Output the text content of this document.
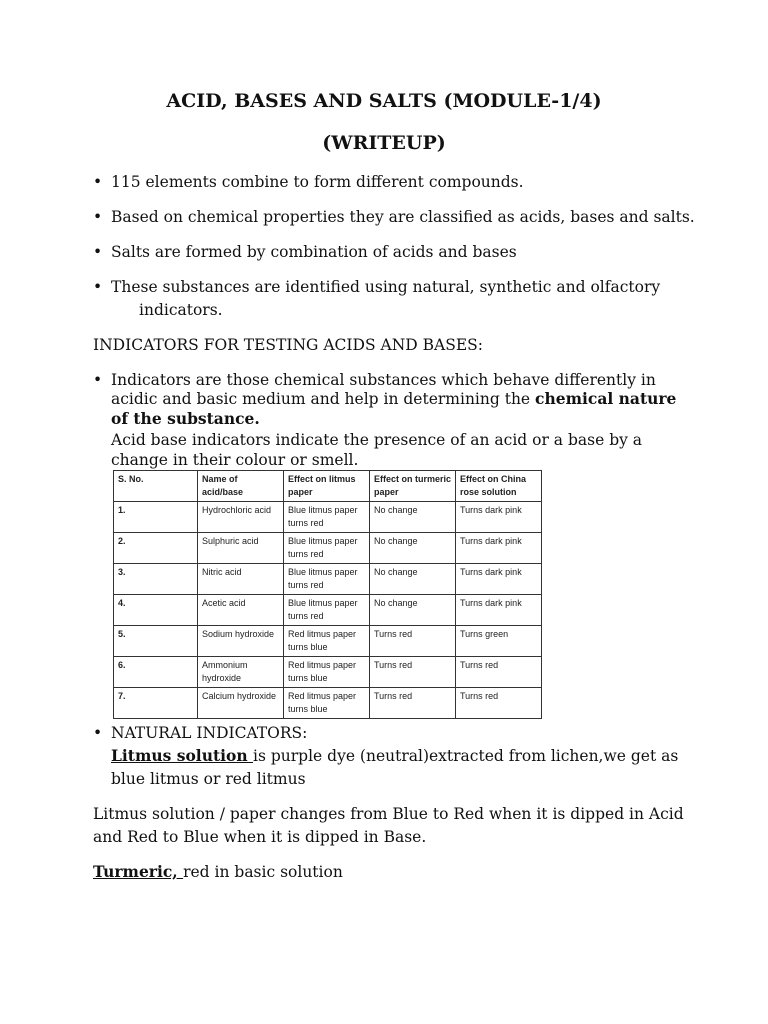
ACID, BASES AND SALTS (MODULE-1/4)
(WRITEUP)
• 115 elements combine to form different compounds.
• Based on chemical properties they are classified as acids, bases and salts.
• Salts are formed by combination of acids and bases
• These substances are identified using natural, synthetic and olfactory
indicators.
INDICATORS FOR TESTING ACIDS AND BASES:
• Indicators are those chemical substances which behave differently in
acidic and basic medium and help in determining the chemical nature
of the substance.
Acid base indicators indicate the presence of an acid or a base by a
change in their colour or smell.
S. No.	Name of acid/base	Effect on litmus paper	Effect on turmeric paper	Effect on China rose solution
1.	Hydrochloric acid	Blue litmus paper turns red	No change	Turns dark pink
2.	Sulphuric acid	Blue litmus paper turns red	No change	Turns dark pink
3.	Nitric acid	Blue litmus paper turns red	No change	Turns dark pink
4.	Acetic acid	Blue litmus paper turns red	No change	Turns dark pink
5.	Sodium hydroxide	Red litmus paper turns blue	Turns red	Turns green
6.	Ammonium hydroxide	Red litmus paper turns blue	Turns red	Turns red
7.	Calcium hydroxide	Red litmus paper turns blue	Turns red	Turns red
• NATURAL INDICATORS:
Litmus solution is purple dye (neutral)extracted from lichen,we get as
blue litmus or red litmus
Litmus solution / paper changes from Blue to Red when it is dipped in Acid
and Red to Blue when it is dipped in Base.
Turmeric, red in basic solution
